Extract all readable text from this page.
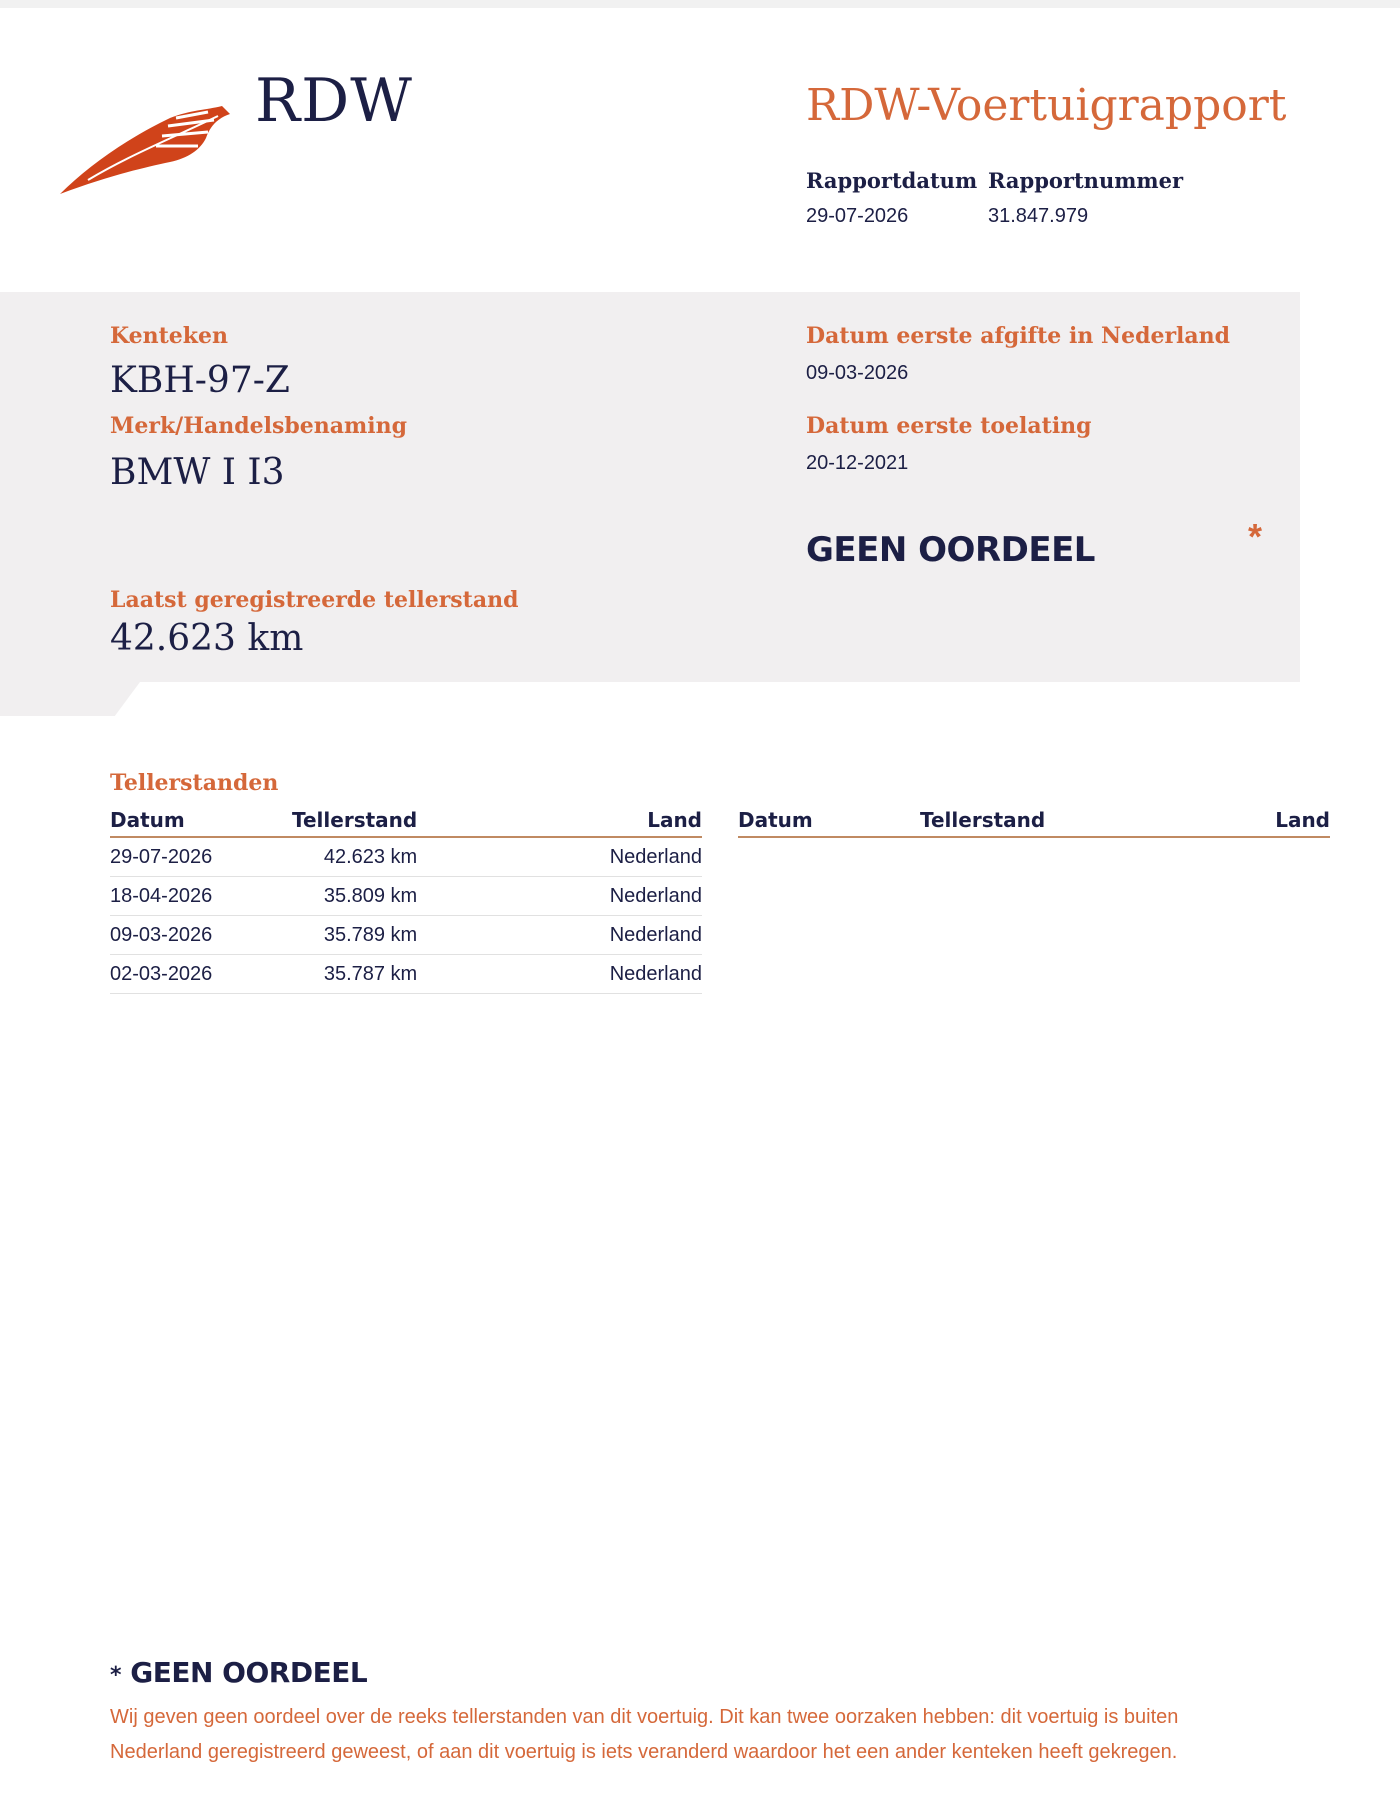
RDW	RDW-Voertuigrapport
Rapportdatum
29-07-2026
Rapportnummer
31.847.979
Kenteken
KBH-97-Z
Merk/Handelsbenaming
BMW I I3
Laatst geregistreerde tellerstand
42.623 km
Datum eerste afgifte in Nederland
09-03-2026
Datum eerste toelating
20-12-2021
GEEN OORDEEL	*
Tellerstanden
Datum	Tellerstand	Land
29-07-2026	42.623 km	Nederland
18-04-2026	35.809 km	Nederland
09-03-2026	35.789 km	Nederland
02-03-2026	35.787 km	Nederland
Datum	Tellerstand	Land
* GEEN OORDEEL
Wij geven geen oordeel over de reeks tellerstanden van dit voertuig. Dit kan twee oorzaken hebben: dit voertuig is buiten Nederland geregistreerd geweest, of aan dit voertuig is iets veranderd waardoor het een ander kenteken heeft gekregen.
